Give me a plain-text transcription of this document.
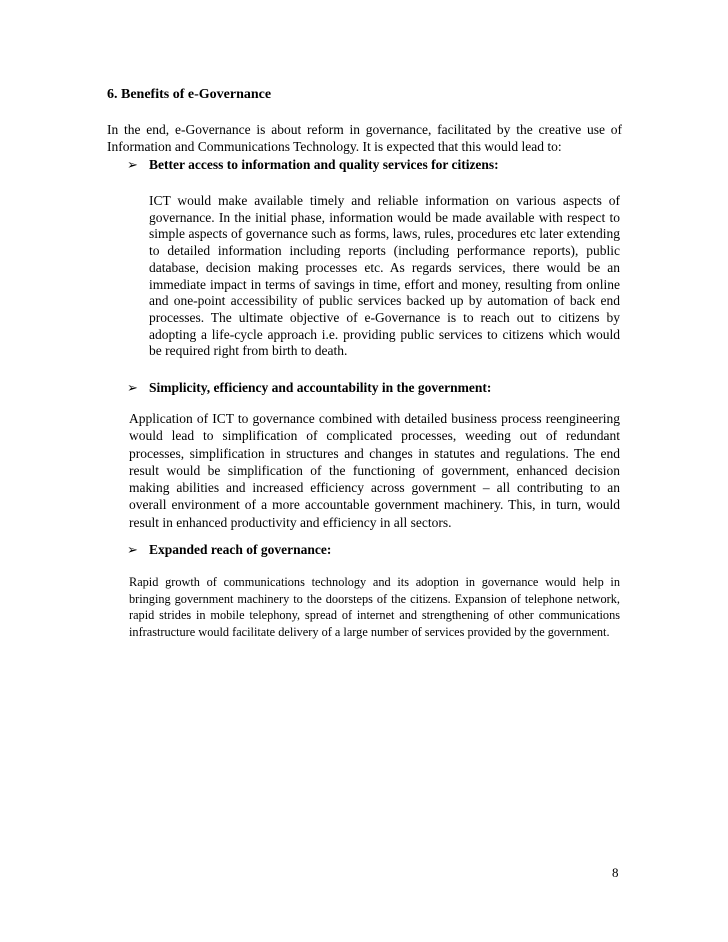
6. Benefits of e-Governance

In the end, e-Governance is about reform in governance, facilitated by the creative use of Information and Communications Technology. It is expected that this would lead to:

➢ Better access to information and quality services for citizens:

ICT would make available timely and reliable information on various aspects of governance. In the initial phase, information would be made available with respect to simple aspects of governance such as forms, laws, rules, procedures etc later extending to detailed information including reports (including performance reports), public database, decision making processes etc. As regards services, there would be an immediate impact in terms of savings in time, effort and money, resulting from online and one-point accessibility of public services backed up by automation of back end processes. The ultimate objective of e-Governance is to reach out to citizens by adopting a life-cycle approach i.e. providing public services to citizens which would be required right from birth to death.

➢ Simplicity, efficiency and accountability in the government:

Application of ICT to governance combined with detailed business process reengineering would lead to simplification of complicated processes, weeding out of redundant processes, simplification in structures and changes in statutes and regulations. The end result would be simplification of the functioning of government, enhanced decision making abilities and increased efficiency across government – all contributing to an overall environment of a more accountable government machinery. This, in turn, would result in enhanced productivity and efficiency in all sectors.

➢ Expanded reach of governance:

Rapid growth of communications technology and its adoption in governance would help in bringing government machinery to the doorsteps of the citizens. Expansion of telephone network, rapid strides in mobile telephony, spread of internet and strengthening of other communications infrastructure would facilitate delivery of a large number of services provided by the government.

8
